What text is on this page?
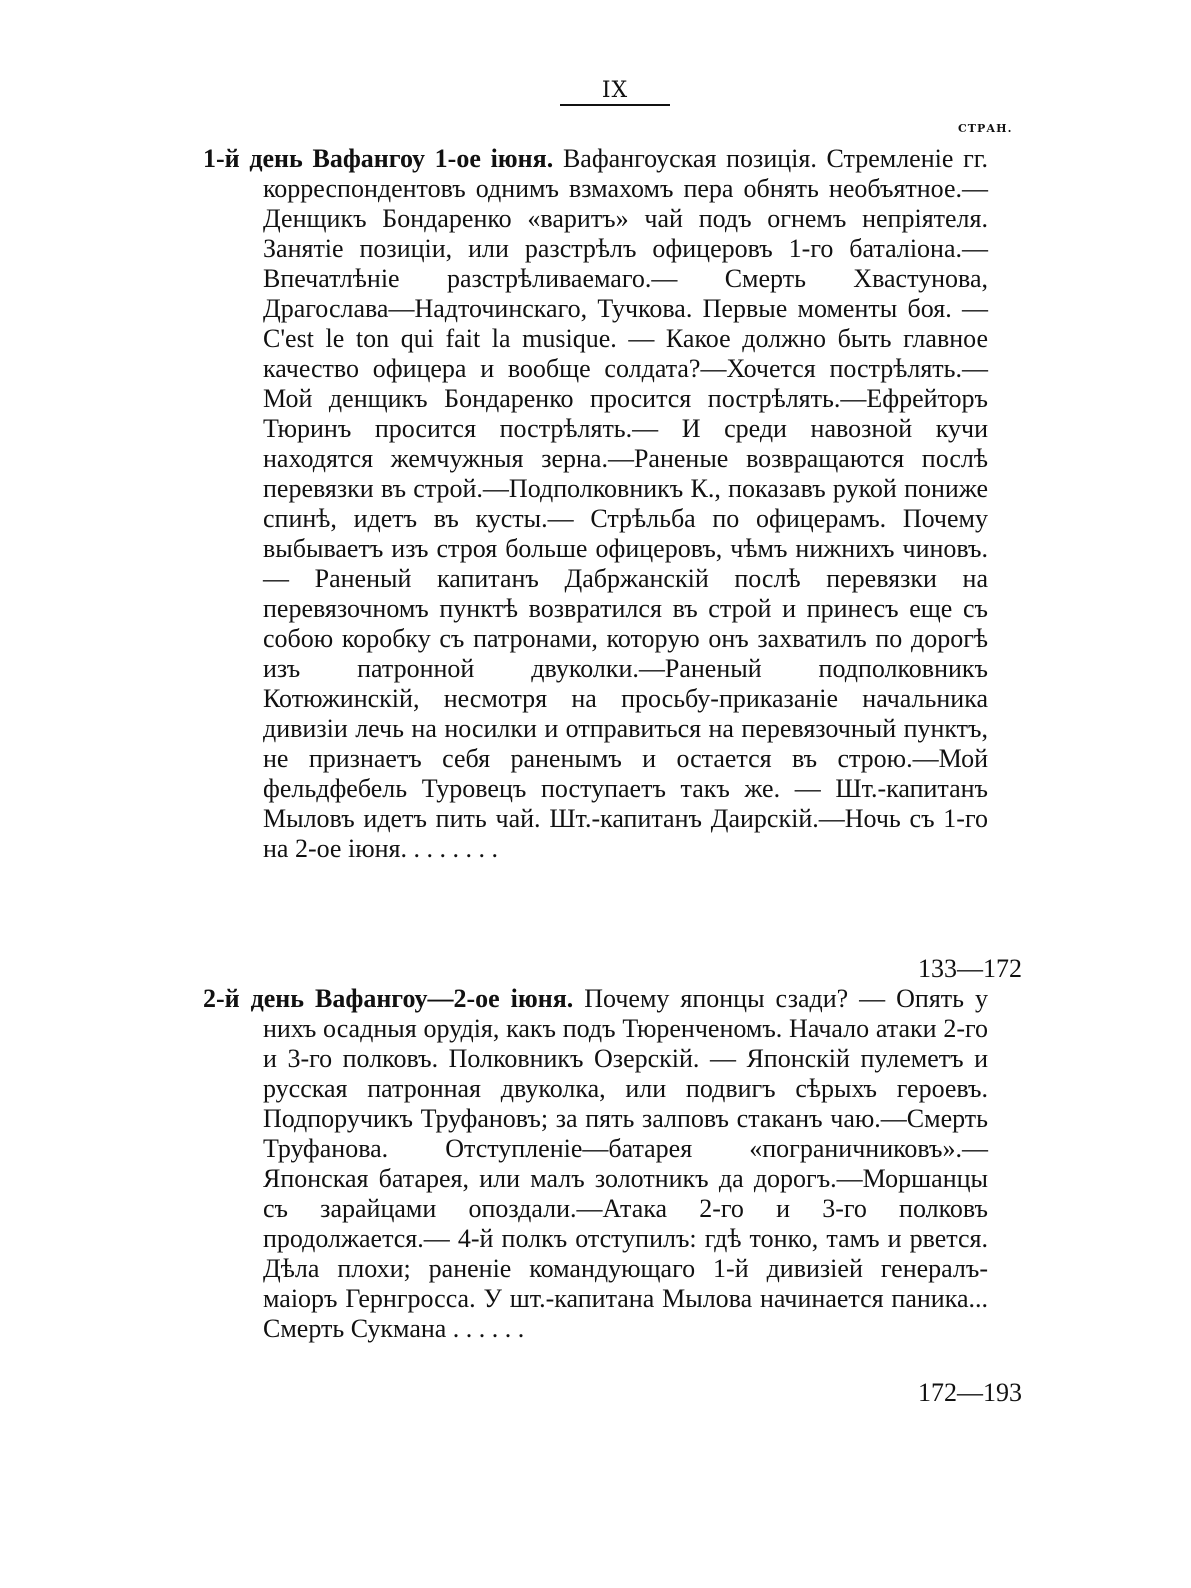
IX
СТРАН.
1-й день Вафангоу 1-ое іюня. Вафангоуская позиція. Стремленіе гг. корреспондентовъ однимъ взмахомъ пера обнять необъятное.—Денщикъ Бондаренко «варитъ» чай подъ огнемъ непріятеля. Занятіе позиціи, или разстрѣлъ офицеровъ 1-го баталіона.—Впечатлѣніе разстрѣливаемаго.— Смерть Хвастунова, Драгослава—Надточинскаго, Тучкова. Первые моменты боя. — C'est le ton qui fait la musique. — Какое должно быть главное качество офицера и вообще солдата?—Хочется пострѣлять.—Мой денщикъ Бондаренко просится пострѣлять.—Ефрейторъ Тюринъ просится пострѣлять.— И среди навозной кучи находятся жемчужныя зерна.—Раненые возвращаются послѣ перевязки въ строй.—Подполковникъ К., показавъ рукой пониже спинѣ, идетъ въ кусты.— Стрѣльба по офицерамъ. Почему выбываетъ изъ строя больше офицеровъ, чѣмъ нижнихъ чиновъ.— Раненый капитанъ Дабржанскій послѣ перевязки на перевязочномъ пунктѣ возвратился въ строй и принесъ еще съ собою коробку съ патронами, которую онъ захватилъ по дорогѣ изъ патронной двуколки.—Раненый подполковникъ Котюжинскій, несмотря на просьбу-приказаніе начальника дивизіи лечь на носилки и отправиться на перевязочный пунктъ, не признаетъ себя раненымъ и остается въ строю.—Мой фельдфебель Туровецъ поступаетъ такъ же. — Шт.-капитанъ Мыловъ идетъ пить чай. Шт.-капитанъ Даирскій.—Ночь съ 1-го на 2-ое іюня. . . . . . . .
133—172
2-й день Вафангоу—2-ое іюня. Почему японцы сзади? — Опять у нихъ осадныя орудія, какъ подъ Тюренченомъ. Начало атаки 2-го и 3-го полковъ. Полковникъ Озерскій. — Японскій пулеметъ и русская патронная двуколка, или подвигъ сѣрыхъ героевъ. Подпоручикъ Труфановъ; за пять залповъ стаканъ чаю.—Смерть Труфанова. Отступленіе—батарея «пограничниковъ».—Японская батарея, или малъ золотникъ да дорогъ.—Моршанцы съ зарайцами опоздали.—Атака 2-го и 3-го полковъ продолжается.— 4-й полкъ отступилъ: гдѣ тонко, тамъ и рвется. Дѣла плохи; раненіе командующаго 1-й дивизіей генералъ-маіоръ Гернгросса. У шт.-капитана Мылова начинается паника... Смерть Сукмана . . . . . .
172—193
